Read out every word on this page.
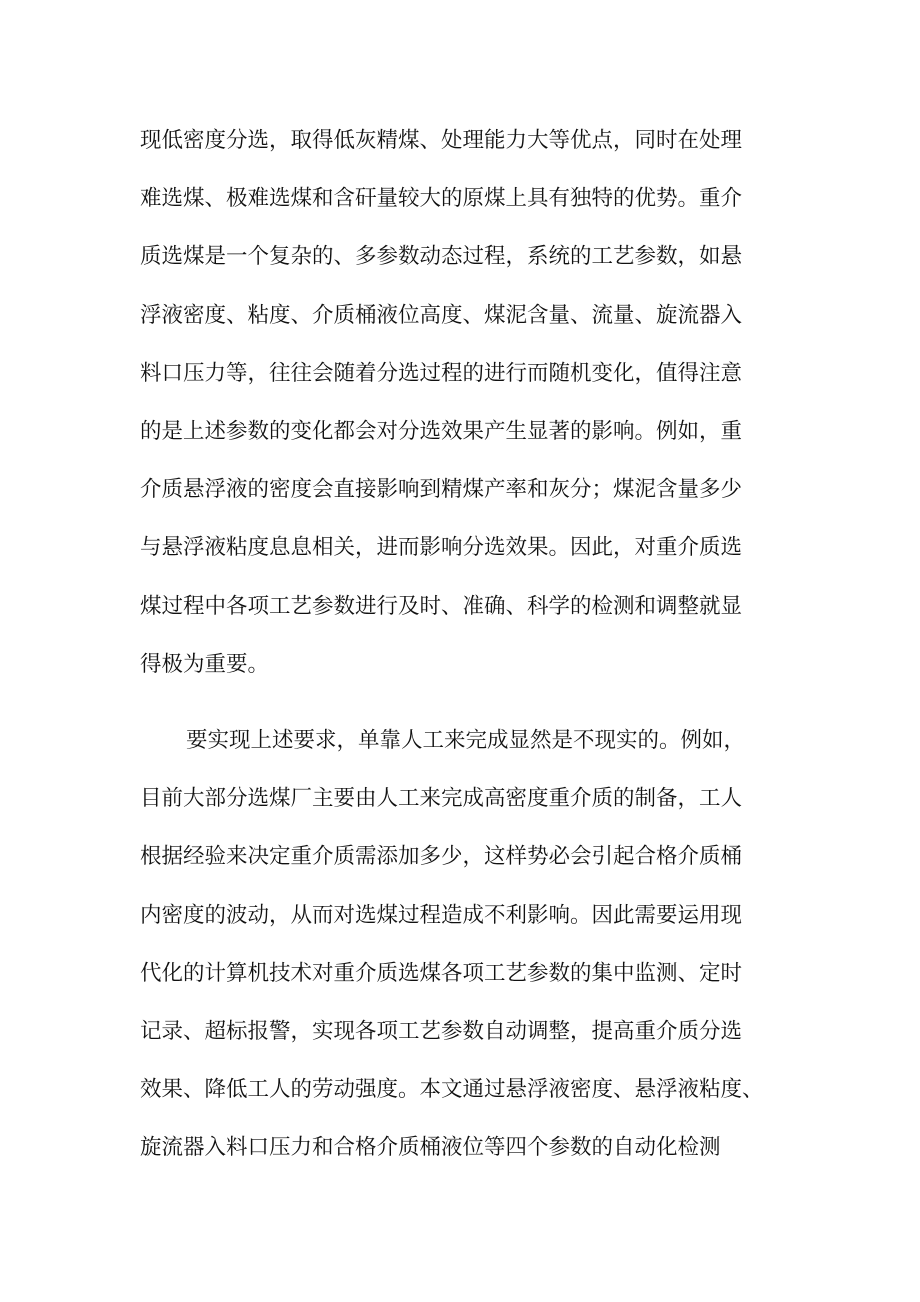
现低密度分选，取得低灰精煤、处理能力大等优点，同时在处理
难选煤、极难选煤和含矸量较大的原煤上具有独特的优势。重介
质选煤是一个复杂的、多参数动态过程，系统的工艺参数，如悬
浮液密度、粘度、介质桶液位高度、煤泥含量、流量、旋流器入
料口压力等，往往会随着分选过程的进行而随机变化，值得注意
的是上述参数的变化都会对分选效果产生显著的影响。例如，重
介质悬浮液的密度会直接影响到精煤产率和灰分；煤泥含量多少
与悬浮液粘度息息相关，进而影响分选效果。因此，对重介质选
煤过程中各项工艺参数进行及时、准确、科学的检测和调整就显
得极为重要。
要实现上述要求，单靠人工来完成显然是不现实的。例如，
目前大部分选煤厂主要由人工来完成高密度重介质的制备，工人
根据经验来决定重介质需添加多少，这样势必会引起合格介质桶
内密度的波动，从而对选煤过程造成不利影响。因此需要运用现
代化的计算机技术对重介质选煤各项工艺参数的集中监测、定时
记录、超标报警，实现各项工艺参数自动调整，提高重介质分选
效果、降低工人的劳动强度。本文通过悬浮液密度、悬浮液粘度、
旋流器入料口压力和合格介质桶液位等四个参数的自动化检测
